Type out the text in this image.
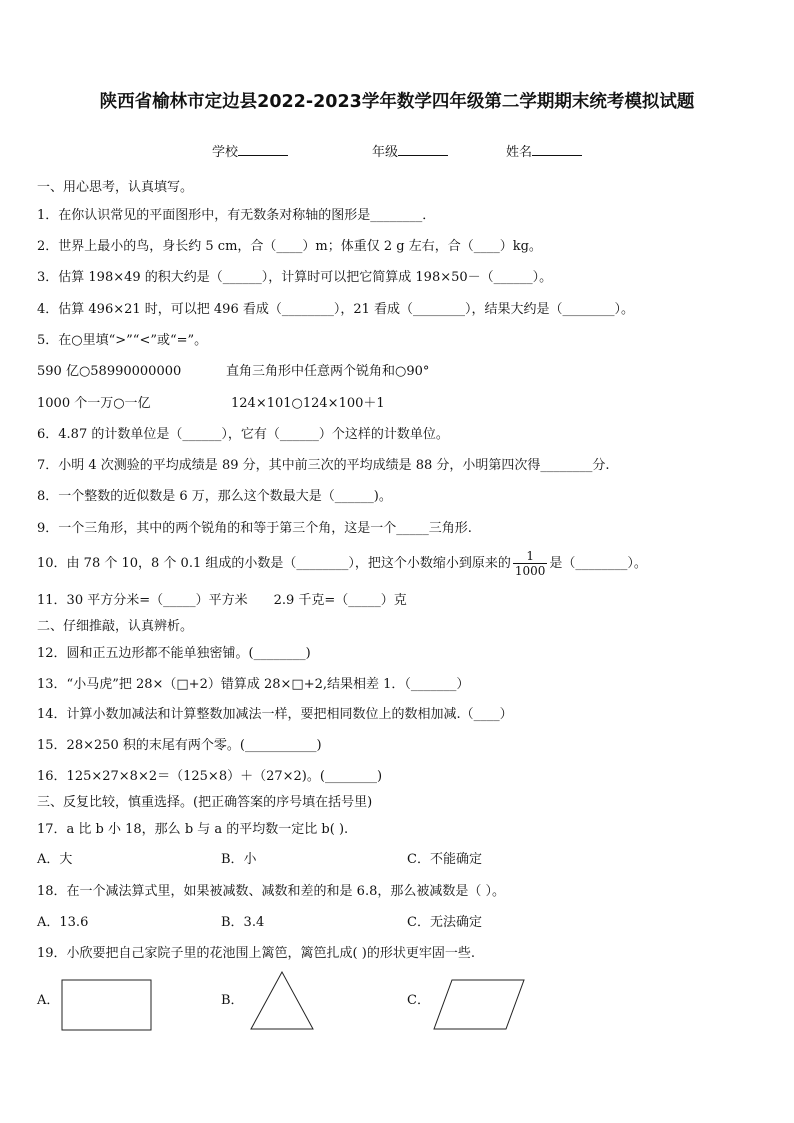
陕西省榆林市定边县2022-2023学年数学四年级第二学期期末统考模拟试题
学校	年级	姓名
一、用心思考，认真填写。
1．在你认识常见的平面图形中，有无数条对称轴的图形是________．
2．世界上最小的鸟，身长约 5 cm，合（____）m；体重仅 2 g 左右，合（____）kg。
3．估算 198×49 的积大约是（______），计算时可以把它简算成 198×50－（______）。
4．估算 496×21 时，可以把 496 看成（________），21 看成（________），结果大约是（________）。
5．在○里填“>”“<”或“=”。
590 亿○58990000000	直角三角形中任意两个锐角和○90°
1000 个一万○一亿	124×101○124×100＋1
6．4.87 的计数单位是（______），它有（______）个这样的计数单位。
7．小明 4 次测验的平均成绩是 89 分，其中前三次的平均成绩是 88 分，小明第四次得________分.
8．一个整数的近似数是 6 万，那么这个数最大是（______)。
9．一个三角形，其中的两个锐角的和等于第三个角，这是一个_____三角形.
10．由 78 个 10，8 个 0.1 组成的小数是（________），把这个小数缩小到原来的 $\frac{1}{1000}$ 是（________）。
11．30 平方分米=（_____）平方米　　2.9 千克=（_____）克
二、仔细推敲，认真辨析。
12．圆和正五边形都不能单独密铺。(________)
13．“小马虎”把 28×（□+2）错算成 28×□+2,结果相差 1．（_______）
14．计算小数加减法和计算整数加减法一样，要把相同数位上的数相加减.（____）
15．28×250 积的末尾有两个零。(___________)
16．125×27×8×2＝（125×8）＋（27×2)。(________)
三、反复比较，慎重选择。(把正确答案的序号填在括号里)
17．a 比 b 小 18，那么 b 与 a 的平均数一定比 b( ).
A．大	B．小	C．不能确定
18．在一个减法算式里，如果被减数、减数和差的和是 6.8，那么被减数是（ ）。
A．13.6	B．3.4	C．无法确定
19．小欣要把自己家院子里的花池围上篱笆，篱笆扎成( )的形状更牢固一些.
A．	B．	C．
